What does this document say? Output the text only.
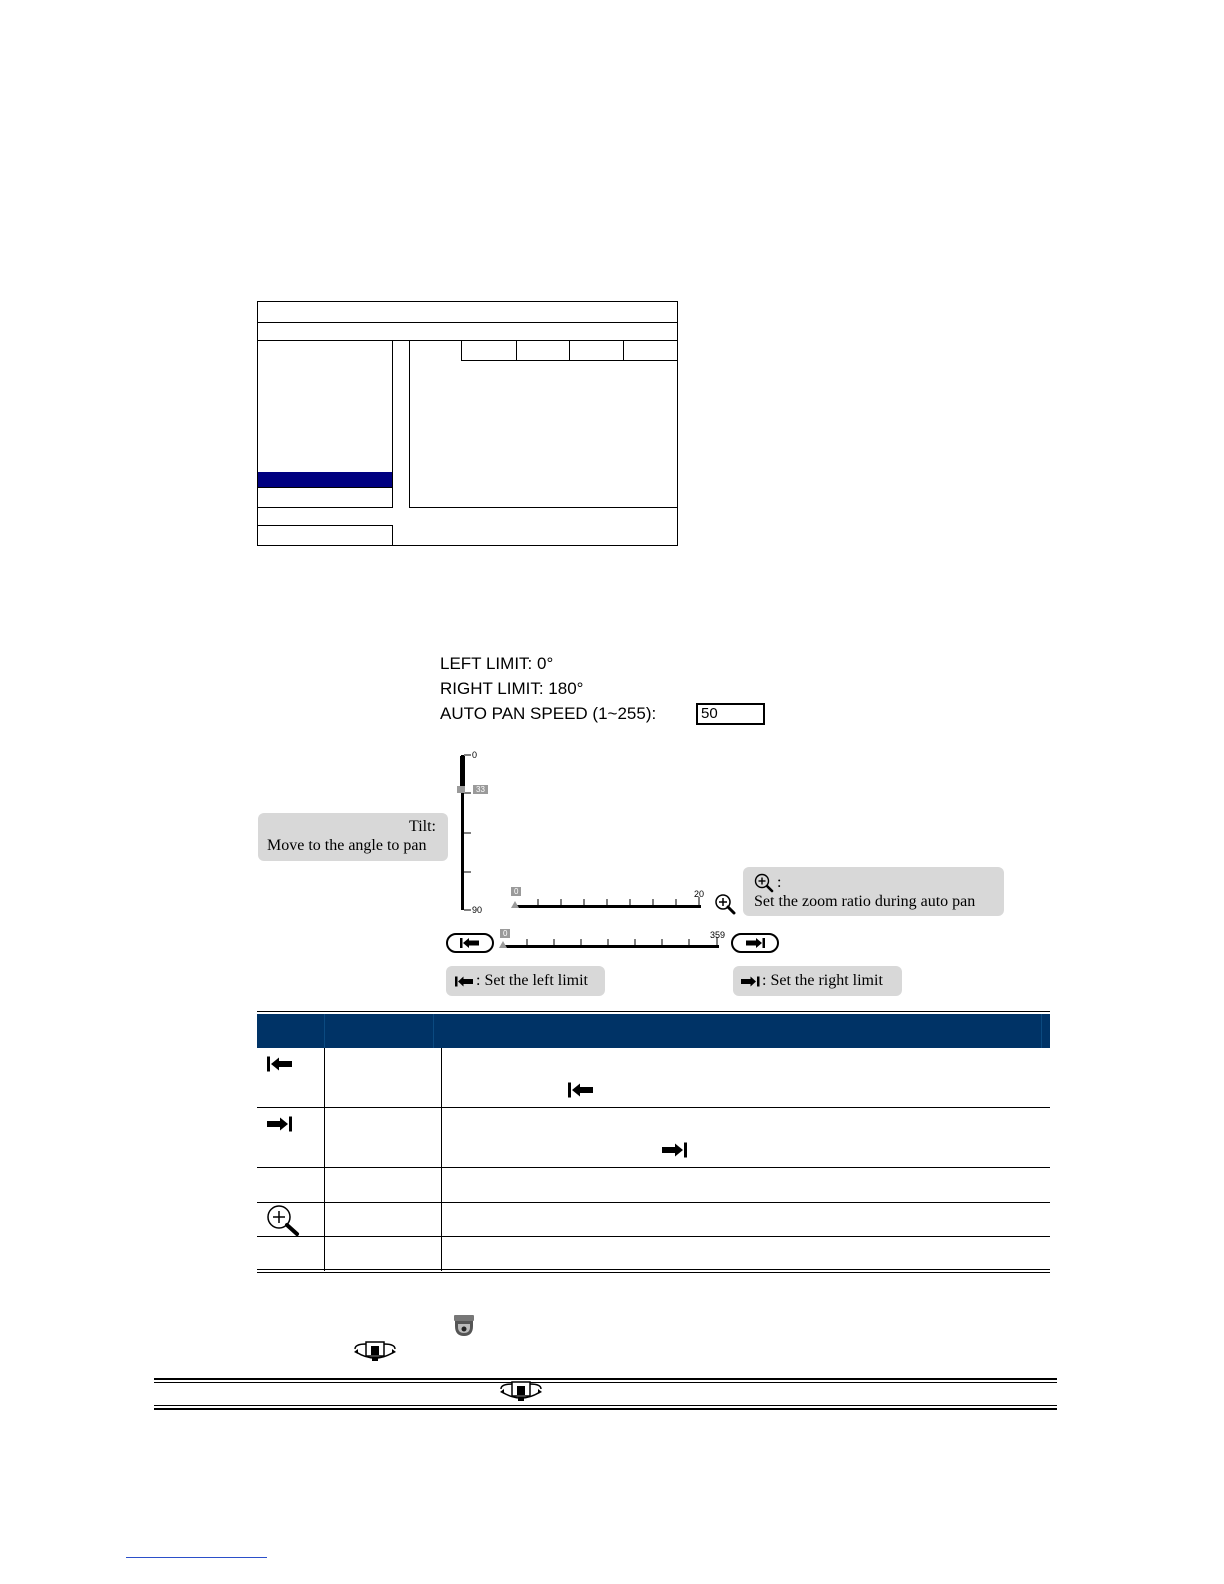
LEFT LIMIT: 0°
RIGHT LIMIT: 180°
AUTO PAN SPEED (1~255):	50
Tilt:
Move to the angle to pan
0
33
90
0	20
:
Set the zoom ratio during auto pan
0	359
: Set the left limit	: Set the right limit
